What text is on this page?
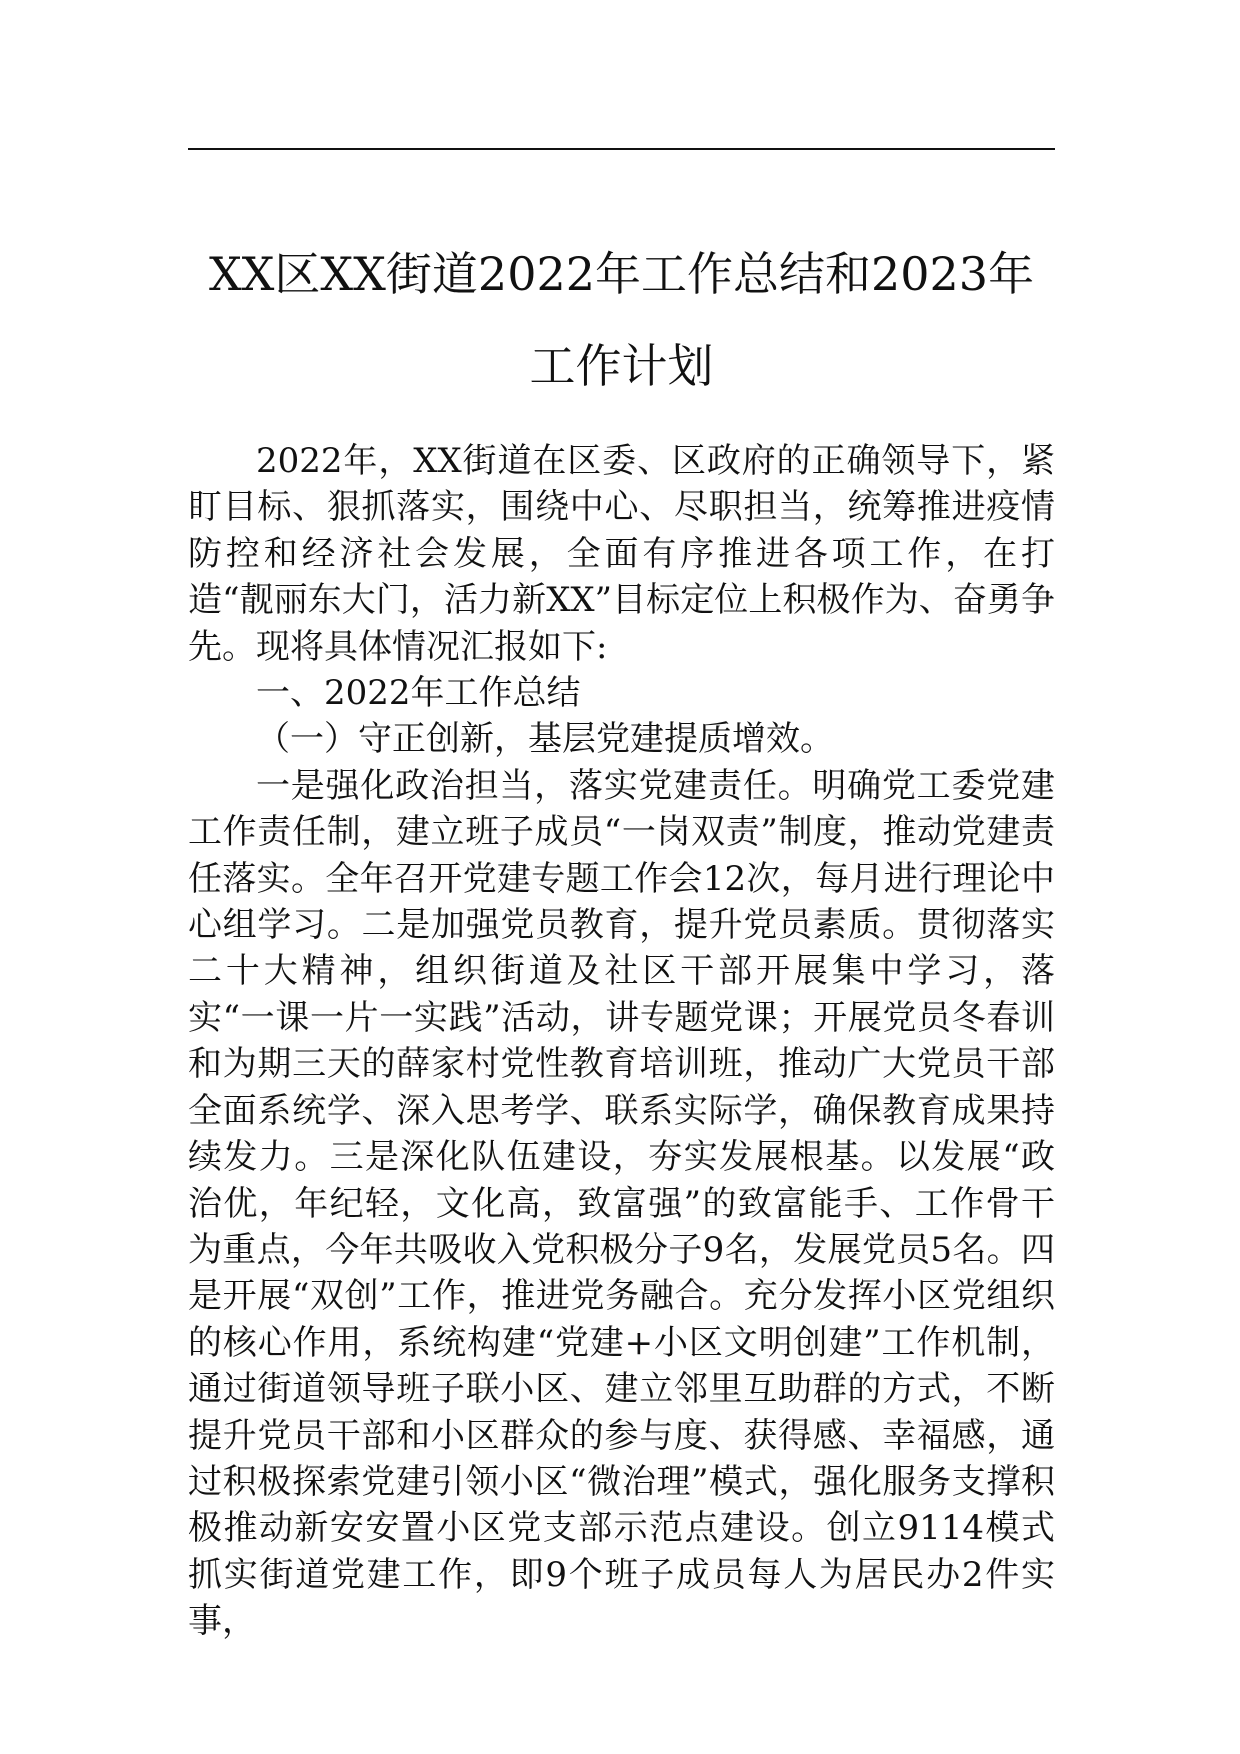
XX区XX街道2022年工作总结和2023年
工作计划

2022年，XX街道在区委、区政府的正确领导下，紧盯目标、狠抓落实，围绕中心、尽职担当，统筹推进疫情防控和经济社会发展，全面有序推进各项工作，在打造“靓丽东大门，活力新XX”目标定位上积极作为、奋勇争先。现将具体情况汇报如下:

一、2022年工作总结

（一）守正创新，基层党建提质增效。

一是强化政治担当，落实党建责任。明确党工委党建工作责任制，建立班子成员“一岗双责”制度，推动党建责任落实。全年召开党建专题工作会12次，每月进行理论中心组学习。二是加强党员教育，提升党员素质。贯彻落实二十大精神，组织街道及社区干部开展集中学习，落实“一课一片一实践”活动，讲专题党课；开展党员冬春训和为期三天的薛家村党性教育培训班，推动广大党员干部全面系统学、深入思考学、联系实际学，确保教育成果持续发力。三是深化队伍建设，夯实发展根基。以发展“政治优，年纪轻，文化高，致富强”的致富能手、工作骨干为重点，今年共吸收入党积极分子9名，发展党员5名。四是开展“双创”工作，推进党务融合。充分发挥小区党组织的核心作用，系统构建“党建+小区文明创建”工作机制，通过街道领导班子联小区、建立邻里互助群的方式，不断提升党员干部和小区群众的参与度、获得感、幸福感，通过积极探索党建引领小区“微治理”模式，强化服务支撑积极推动新安安置小区党支部示范点建设。创立9114模式抓实街道党建工作，即9个班子成员每人为居民办2件实事，
